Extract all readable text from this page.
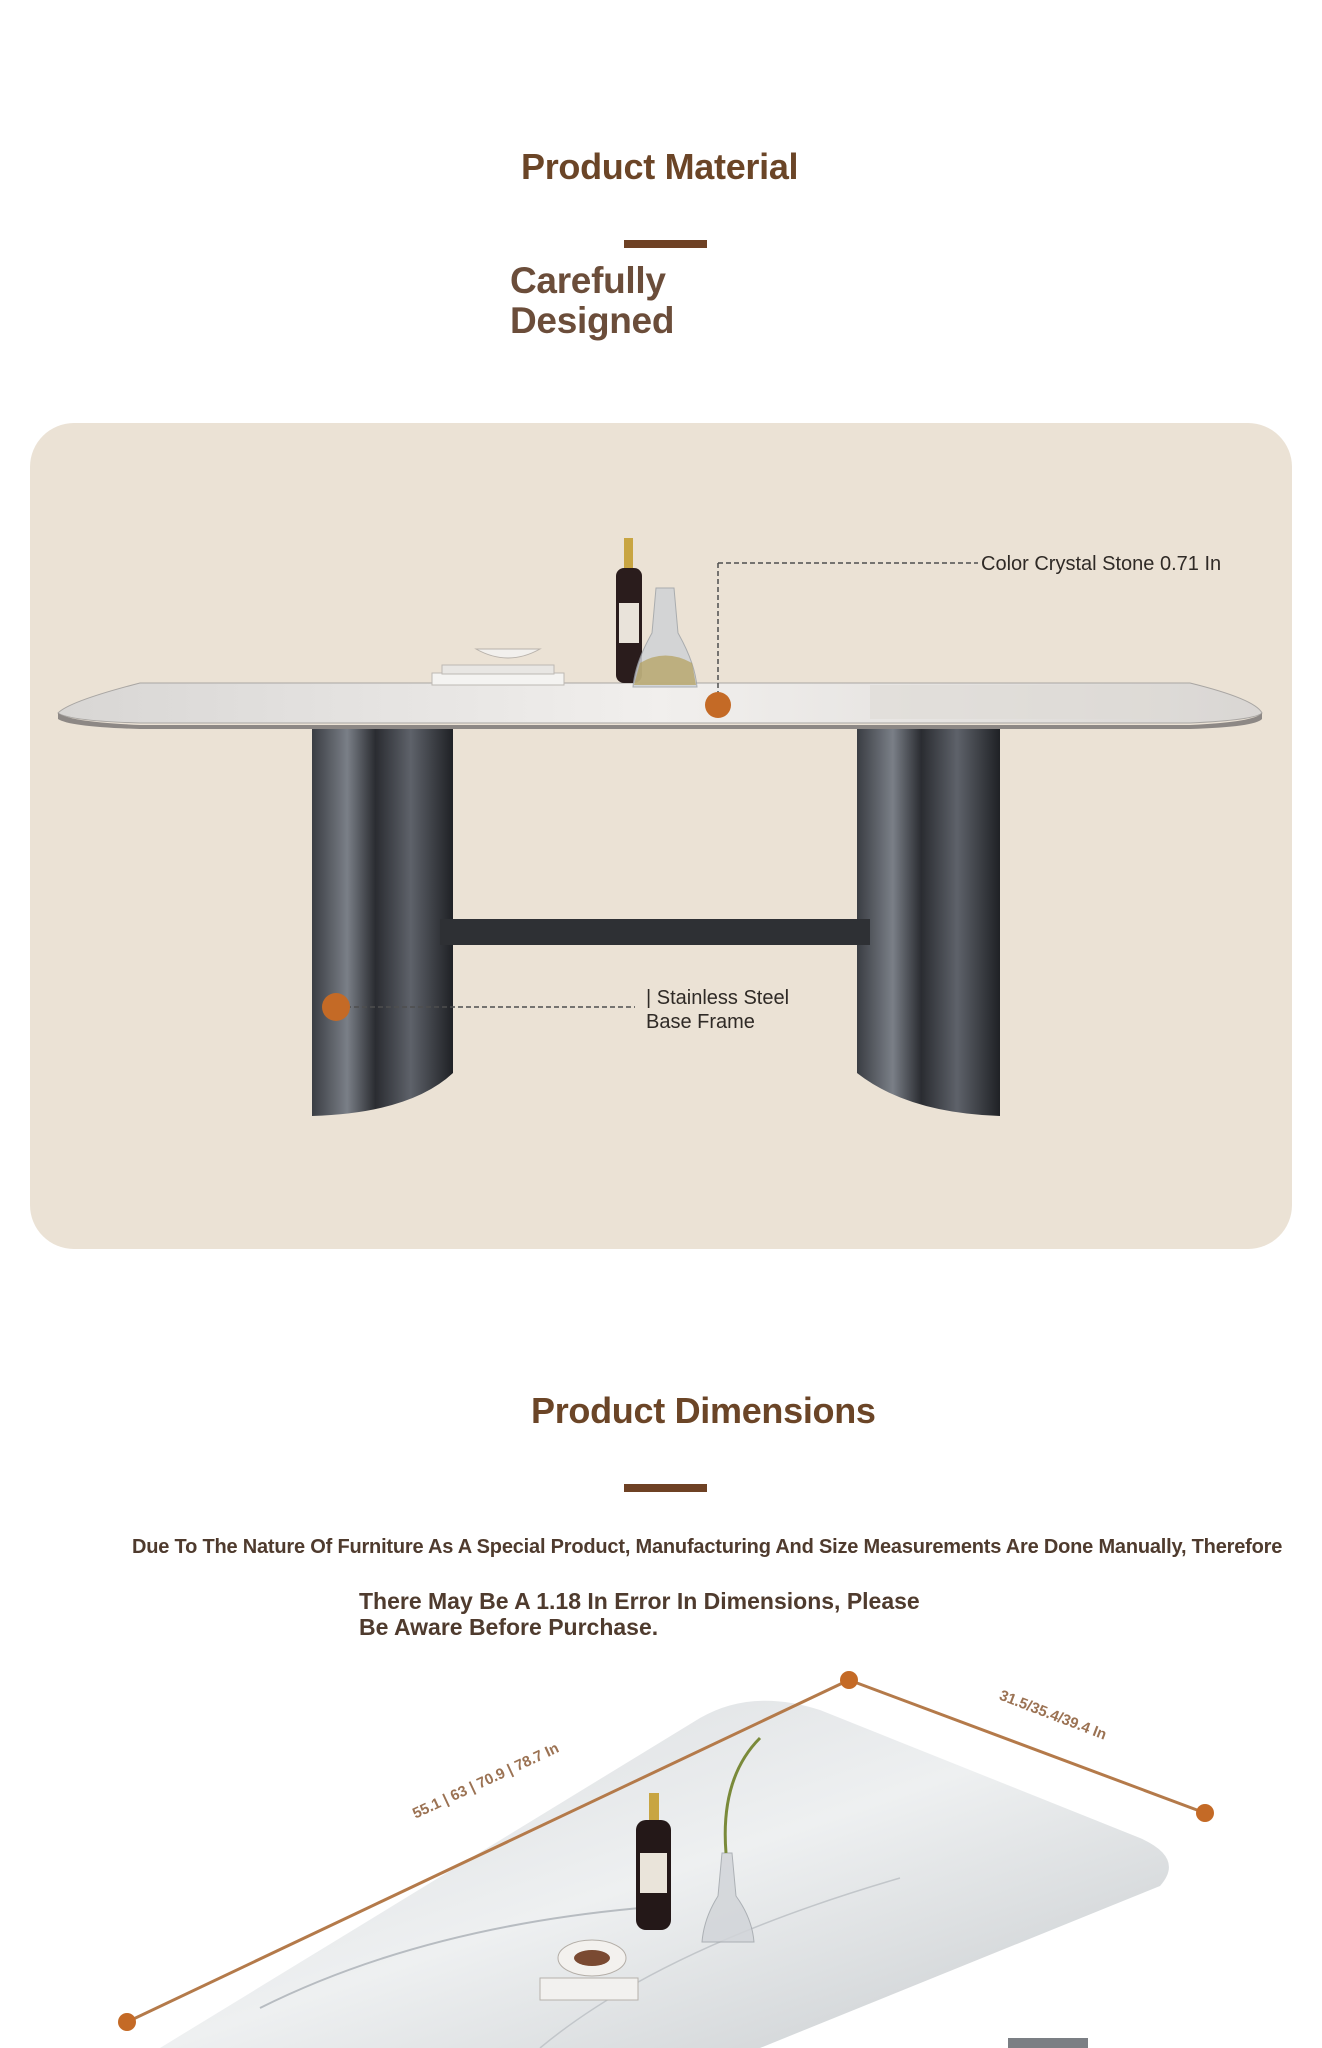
Product Material
Carefully
Designed
Color Crystal Stone 0.71 In
| Stainless Steel
Base Frame
Product Dimensions
Due To The Nature Of Furniture As A Special Product, Manufacturing And Size Measurements Are Done Manually, Therefore
There May Be A 1.18 In Error In Dimensions, Please
Be Aware Before Purchase.
55.1 | 63 | 70.9 | 78.7 In
31.5/35.4/39.4 In
